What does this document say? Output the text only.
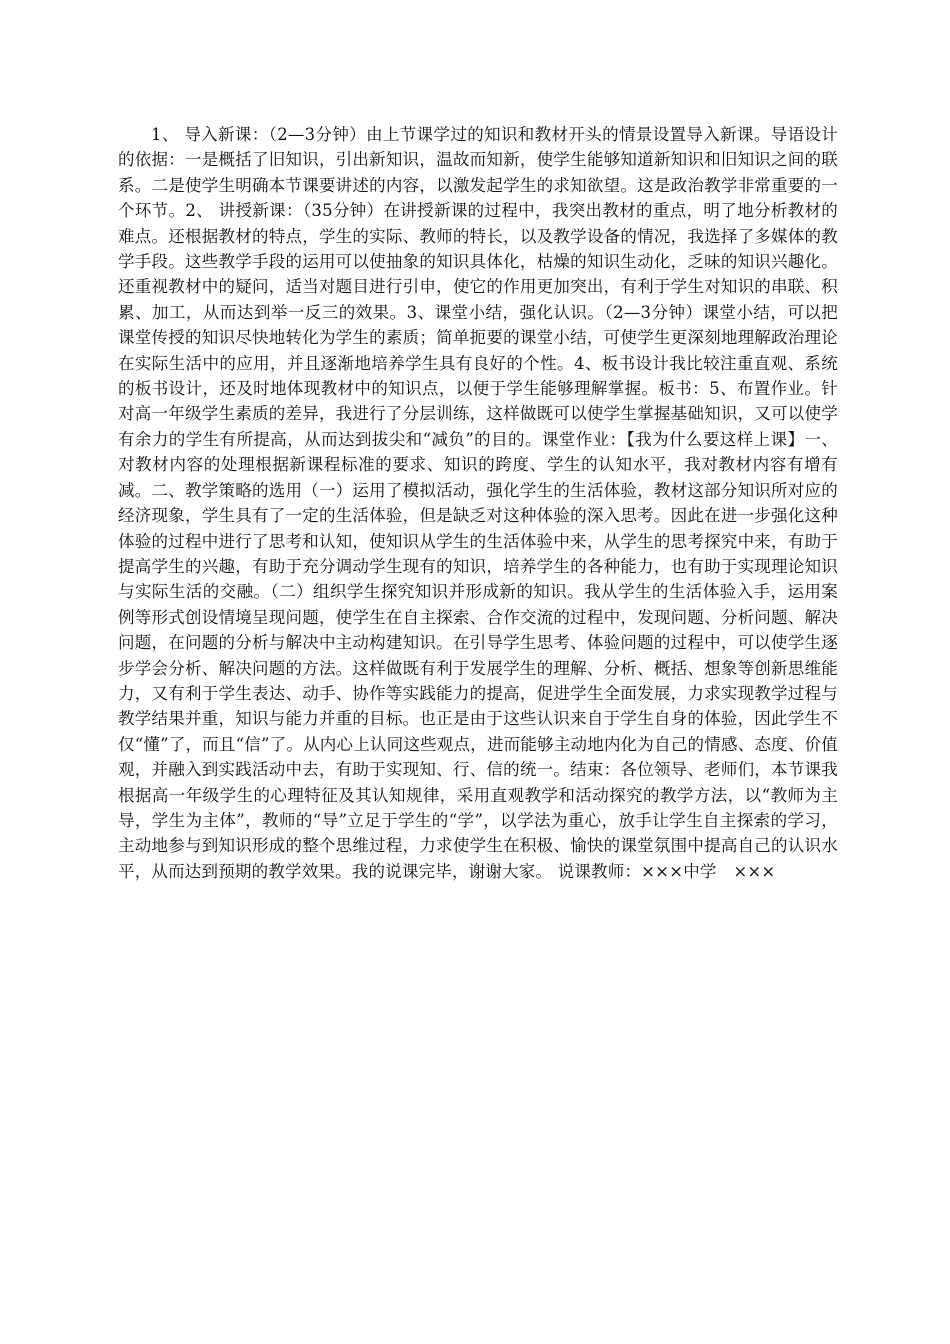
1、 导入新课：（2—3分钟）由上节课学过的知识和教材开头的情景设置导入新课。导语设计的依据：一是概括了旧知识，引出新知识，温故而知新，使学生能够知道新知识和旧知识之间的联系。二是使学生明确本节课要讲述的内容，以激发起学生的求知欲望。这是政治教学非常重要的一个环节。2、 讲授新课：（35分钟）在讲授新课的过程中，我突出教材的重点，明了地分析教材的难点。还根据教材的特点，学生的实际、教师的特长，以及教学设备的情况，我选择了多媒体的教学手段。这些教学手段的运用可以使抽象的知识具体化，枯燥的知识生动化，乏味的知识兴趣化。还重视教材中的疑问，适当对题目进行引申，使它的作用更加突出，有利于学生对知识的串联、积累、加工，从而达到举一反三的效果。3、课堂小结，强化认识。（2—3分钟）课堂小结，可以把课堂传授的知识尽快地转化为学生的素质；简单扼要的课堂小结，可使学生更深刻地理解政治理论在实际生活中的应用，并且逐渐地培养学生具有良好的个性。4、板书设计我比较注重直观、系统的板书设计，还及时地体现教材中的知识点，以便于学生能够理解掌握。板书：5、布置作业。针对高一年级学生素质的差异，我进行了分层训练，这样做既可以使学生掌握基础知识，又可以使学有余力的学生有所提高，从而达到拔尖和“减负”的目的。课堂作业：【我为什么要这样上课】一、对教材内容的处理根据新课程标准的要求、知识的跨度、学生的认知水平，我对教材内容有增有减。二、教学策略的选用（一）运用了模拟活动，强化学生的生活体验，教材这部分知识所对应的经济现象，学生具有了一定的生活体验，但是缺乏对这种体验的深入思考。因此在进一步强化这种体验的过程中进行了思考和认知，使知识从学生的生活体验中来，从学生的思考探究中来，有助于提高学生的兴趣，有助于充分调动学生现有的知识，培养学生的各种能力，也有助于实现理论知识与实际生活的交融。（二）组织学生探究知识并形成新的知识。我从学生的生活体验入手，运用案例等形式创设情境呈现问题，使学生在自主探索、合作交流的过程中，发现问题、分析问题、解决问题，在问题的分析与解决中主动构建知识。在引导学生思考、体验问题的过程中，可以使学生逐步学会分析、解决问题的方法。这样做既有利于发展学生的理解、分析、概括、想象等创新思维能力，又有利于学生表达、动手、协作等实践能力的提高，促进学生全面发展，力求实现教学过程与教学结果并重，知识与能力并重的目标。也正是由于这些认识来自于学生自身的体验，因此学生不仅“懂”了，而且“信”了。从内心上认同这些观点，进而能够主动地内化为自己的情感、态度、价值观，并融入到实践活动中去，有助于实现知、行、信的统一。结束：各位领导、老师们，本节课我根据高一年级学生的心理特征及其认知规律，采用直观教学和活动探究的教学方法，以“教师为主导，学生为主体”，教师的“导”立足于学生的“学”，以学法为重心，放手让学生自主探索的学习，主动地参与到知识形成的整个思维过程，力求使学生在积极、愉快的课堂氛围中提高自己的认识水平，从而达到预期的教学效果。我的说课完毕，谢谢大家。 说课教师：×××中学　×××
